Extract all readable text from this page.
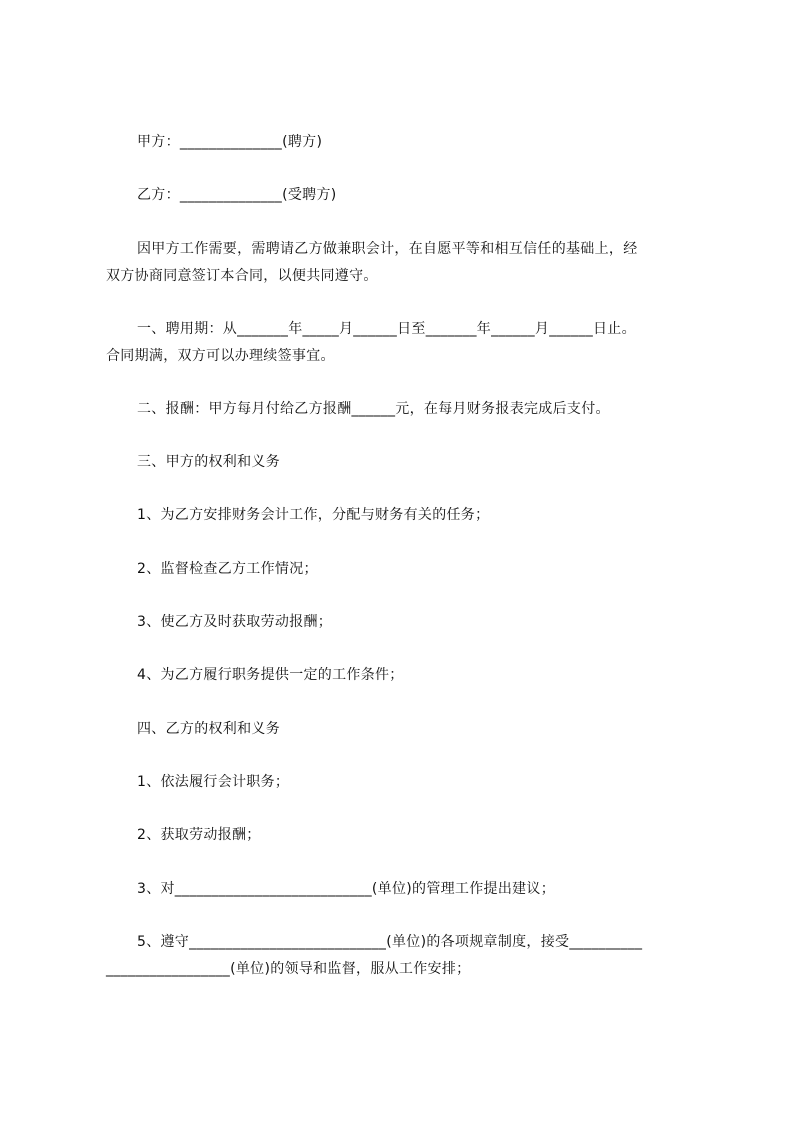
甲方：______________(聘方)
乙方：______________(受聘方)
因甲方工作需要，需聘请乙方做兼职会计，在自愿平等和相互信任的基础上，经
双方协商同意签订本合同，以便共同遵守。
一、聘用期：从_______年_____月______日至_______年______月______日止。
合同期满，双方可以办理续签事宜。
二、报酬：甲方每月付给乙方报酬______元，在每月财务报表完成后支付。
三、甲方的权利和义务
1、为乙方安排财务会计工作，分配与财务有关的任务；
2、监督检查乙方工作情况；
3、使乙方及时获取劳动报酬；
4、为乙方履行职务提供一定的工作条件；
四、乙方的权利和义务
1、依法履行会计职务；
2、获取劳动报酬；
3、对___________________________(单位)的管理工作提出建议；
5、遵守___________________________(单位)的各项规章制度，接受__________
_________________(单位)的领导和监督，服从工作安排；
